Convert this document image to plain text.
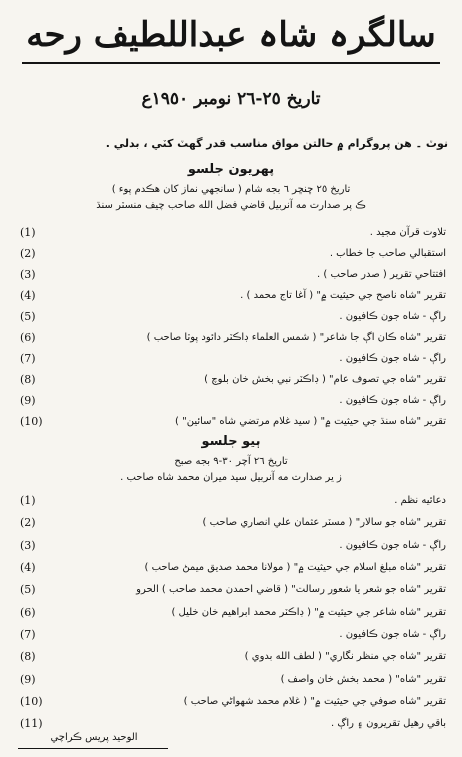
سالگرہ شاہ عبداللطیف رحه
تاريخ ٢٥-٢٦ نومبر ١٩٥٠ع
نوٽ ۔ هن پروگرام ۾ حالتن مواق مناسب قدر گهٽ کٽي ، بدلي .
پهريون جلسو
تاريخ ٢٥ ڇنڇر ٦ بجه شام ( سانجهي نماز کان هڪدم پوء )
ڪ پر صدارت مه آنربيل قاضي فضل الله صاحب چيف منسٽر سنڌ
تلاوت قرآن مجيد .
(1)
استقبالي صاحب جا خطاب .
(2)
افتتاحي تقرير ( صدر صاحب ) .
(3)
تقرير "شاه ناصح جي حيثيت ۾" ( آغا تاج محمد ) .
(4)
راڳ - شاه جون ڪافيون .
(5)
تقرير "شاه ڪان اڳ جا شاعر" ( شمس العلماء ڊاڪٽر دائود پوٽا صاحب )
(6)
راڳ - شاه جون ڪافيون .
(7)
تقرير "شاه جي تصوف عام" ( ڊاڪٽر نبي بخش خان بلوچ )
(8)
راڳ - شاه جون ڪافيون .
(9)
تقرير "شاه سنڌ جي حيثيت ۾" ( سيد غلام مرتضي شاه "سائين" )
(10)
ٻيو جلسو
تاريخ ٢٦ آچر ٣٠-٩ بجه صبح
ز ير صدارت مه آنربيل سيد ميران محمد شاه صاحب .
دعائيه نظم .
(1)
تقرير "شاه جو سالار" ( مسٽر عثمان علي انصاري صاحب )
(2)
راڳ - شاه جون ڪافيون .
(3)
تقرير "شاه مبلغ اسلام جي حيثيت ۾" ( مولانا محمد صديق ميمڻ صاحب )
(4)
تقرير "شاه جو شعر يا شعور رسالت" ( قاضي احمدن محمد صاحب ) الحرو
(5)
تقرير "شاه شاعر جي حيثيت ۾" ( ڊاڪٽر محمد ابراهيم خان خليل )
(6)
راڳ - شاه جون ڪافيون .
(7)
تقرير "شاه جي منظر نگاري" ( لطف الله بدوي )
(8)
تقرير "شاه" ( محمد بخش خان واصف )
(9)
تقرير "شاه صوفي جي حيثيت ۾" ( غلام محمد شهواڻي صاحب )
(10)
باقي رهيل تقريرون ۽ راڳ .
(11)
الوحيد پريس ڪراچي
